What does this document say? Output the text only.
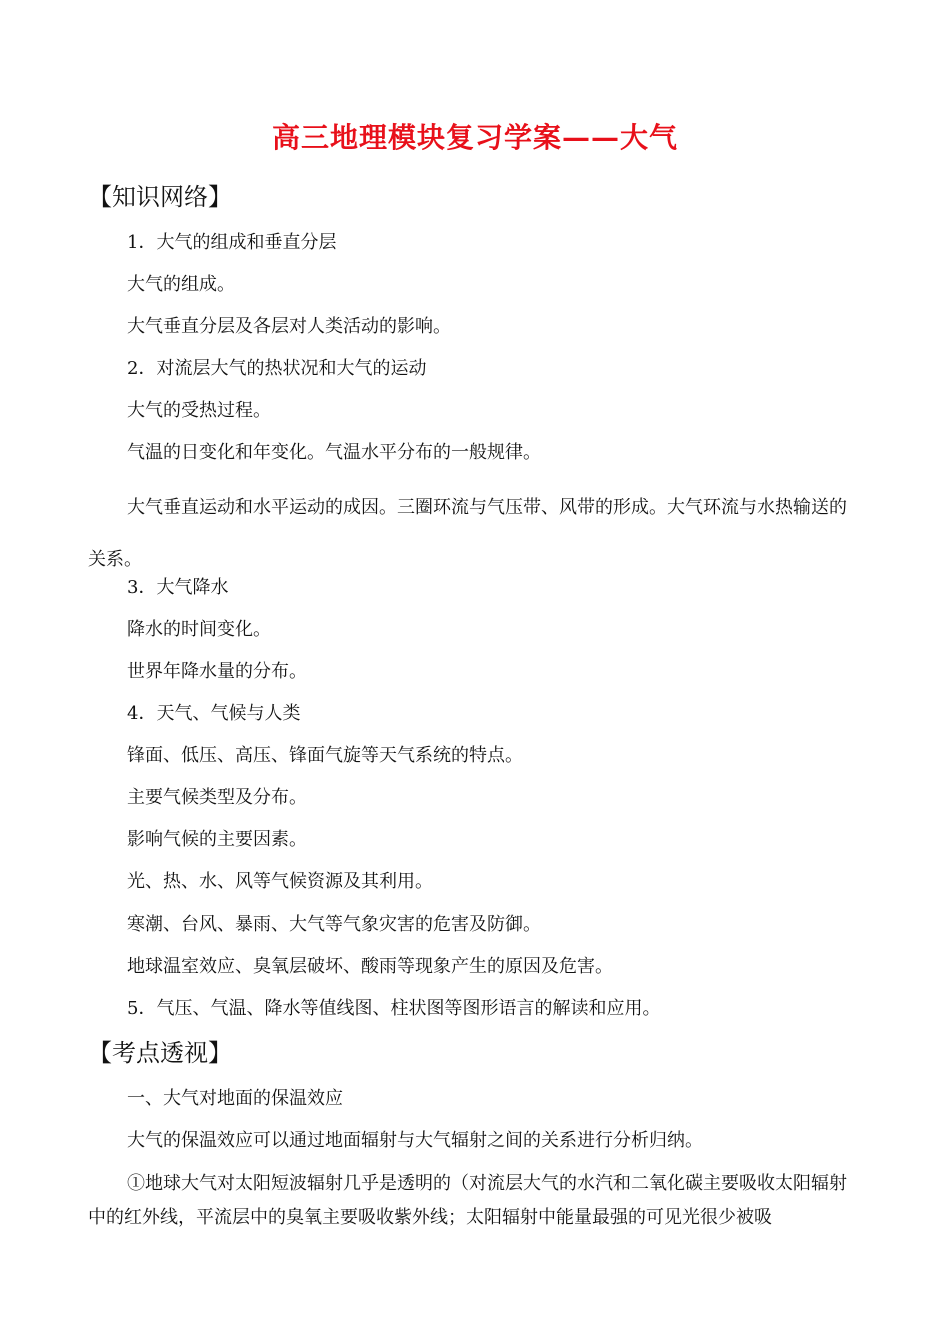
高三地理模块复习学案——大气
【知识网络】
1．大气的组成和垂直分层
大气的组成。
大气垂直分层及各层对人类活动的影响。
2．对流层大气的热状况和大气的运动
大气的受热过程。
气温的日变化和年变化。气温水平分布的一般规律。
大气垂直运动和水平运动的成因。三圈环流与气压带、风带的形成。大气环流与水热输送的关系。
3．大气降水
降水的时间变化。
世界年降水量的分布。
4．天气、气候与人类
锋面、低压、高压、锋面气旋等天气系统的特点。
主要气候类型及分布。
影响气候的主要因素。
光、热、水、风等气候资源及其利用。
寒潮、台风、暴雨、大气等气象灾害的危害及防御。
地球温室效应、臭氧层破坏、酸雨等现象产生的原因及危害。
5．气压、气温、降水等值线图、柱状图等图形语言的解读和应用。
【考点透视】
一、大气对地面的保温效应
大气的保温效应可以通过地面辐射与大气辐射之间的关系进行分析归纳。
①地球大气对太阳短波辐射几乎是透明的（对流层大气的水汽和二氧化碳主要吸收太阳辐射中的红外线，平流层中的臭氧主要吸收紫外线；太阳辐射中能量最强的可见光很少被吸
